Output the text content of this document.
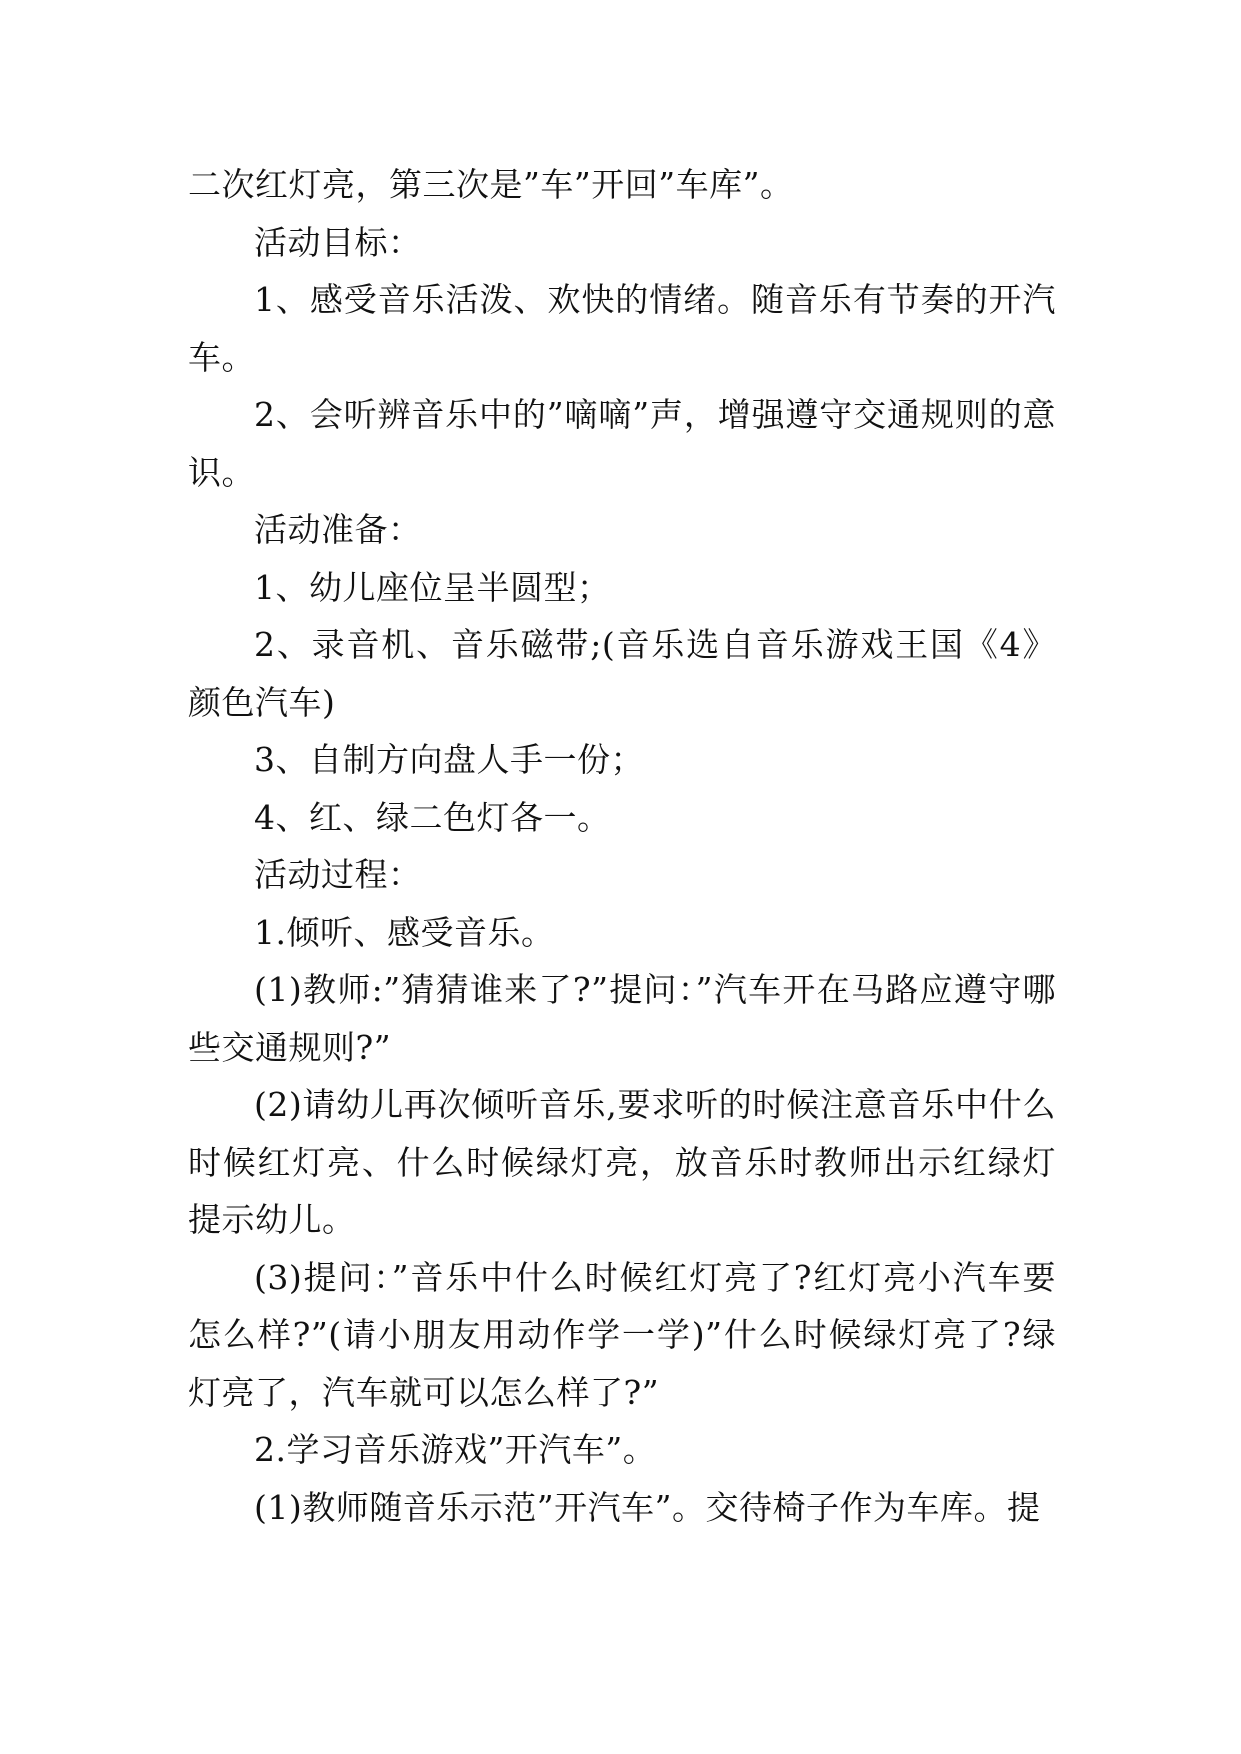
二次红灯亮，第三次是”车”开回”车库”。

活动目标：

1、感受音乐活泼、欢快的情绪。随音乐有节奏的开汽车。

2、会听辨音乐中的”嘀嘀”声，增强遵守交通规则的意识。

活动准备：

1、幼儿座位呈半圆型；

2、录音机、音乐磁带;(音乐选自音乐游戏王国《4》颜色汽车)

3、自制方向盘人手一份；

4、红、绿二色灯各一。

活动过程：

1.倾听、感受音乐。

(1)教师:”猜猜谁来了?”提问：”汽车开在马路应遵守哪些交通规则?”

(2)请幼儿再次倾听音乐,要求听的时候注意音乐中什么时候红灯亮、什么时候绿灯亮，放音乐时教师出示红绿灯提示幼儿。

(3)提问：”音乐中什么时候红灯亮了?红灯亮小汽车要怎么样?”(请小朋友用动作学一学)”什么时候绿灯亮了?绿灯亮了，汽车就可以怎么样了?”

2.学习音乐游戏”开汽车”。

(1)教师随音乐示范”开汽车”。交待椅子作为车库。提
